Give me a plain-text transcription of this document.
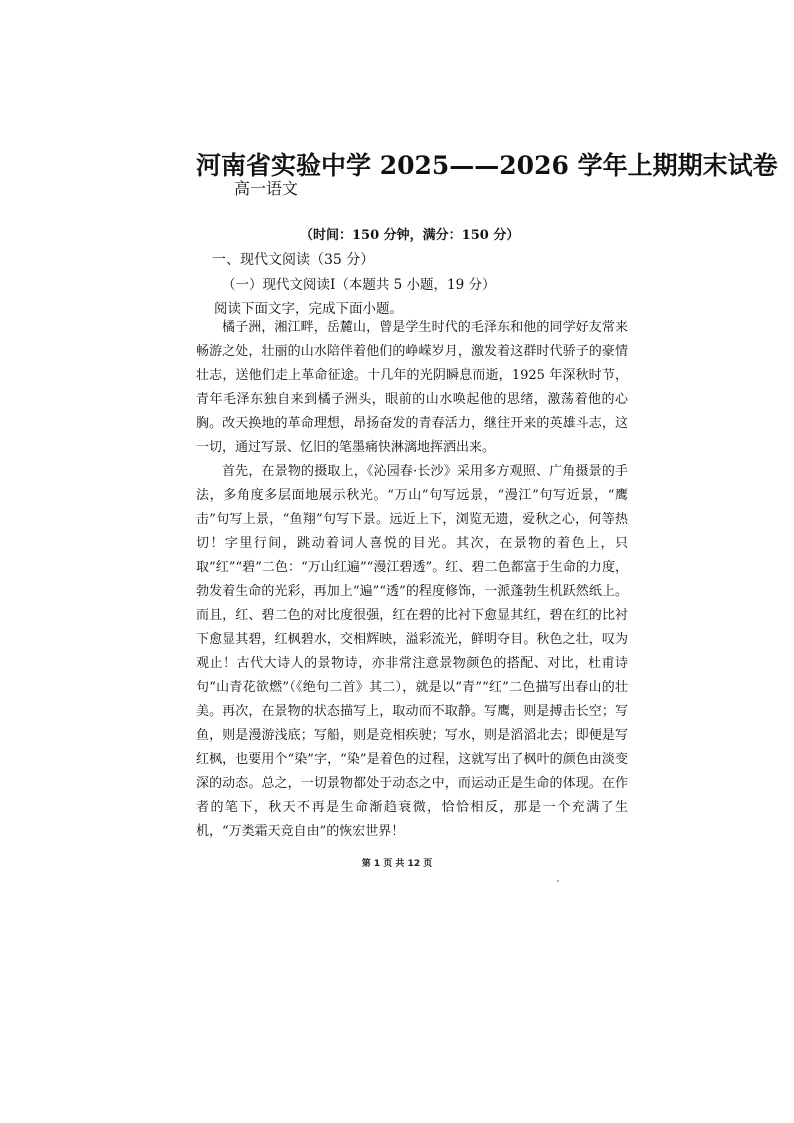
河南省实验中学 2025——2026 学年上期期末试卷
高一语文
（时间：150 分钟，满分：150 分）
一、现代文阅读（35 分）
（一）现代文阅读Ⅰ（本题共 5 小题，19 分）
阅读下面文字，完成下面小题。

橘子洲，湘江畔，岳麓山，曾是学生时代的毛泽东和他的同学好友常来畅游之处，壮丽的山水陪伴着他们的峥嵘岁月，激发着这群时代骄子的豪情壮志，送他们走上革命征途。十几年的光阴瞬息而逝，1925 年深秋时节，青年毛泽东独自来到橘子洲头，眼前的山水唤起他的思绪，激荡着他的心胸。改天换地的革命理想，昂扬奋发的青春活力，继往开来的英雄斗志，这一切，通过写景、忆旧的笔墨痛快淋漓地挥洒出来。

首先，在景物的摄取上，《沁园春·长沙》采用多方观照、广角摄景的手法，多角度多层面地展示秋光。“万山”句写远景，“漫江”句写近景，“鹰击”句写上景，“鱼翔”句写下景。远近上下，浏览无遗，爱秋之心，何等热切！字里行间，跳动着词人喜悦的目光。其次，在景物的着色上，只取“红”“碧”二色：“万山红遍”“漫江碧透”。红、碧二色都富于生命的力度，勃发着生命的光彩，再加上“遍”“透”的程度修饰，一派蓬勃生机跃然纸上。而且，红、碧二色的对比度很强，红在碧的比衬下愈显其红，碧在红的比衬下愈显其碧，红枫碧水，交相辉映，溢彩流光，鲜明夺目。秋色之壮，叹为观止！古代大诗人的景物诗，亦非常注意景物颜色的搭配、对比，杜甫诗句“山青花欲燃”（《绝句二首》其二），就是以“青”“红”二色描写出春山的壮美。再次，在景物的状态描写上，取动而不取静。写鹰，则是搏击长空；写鱼，则是漫游浅底；写船，则是竞相疾驶；写水，则是滔滔北去；即便是写红枫，也要用个“染”字，“染”是着色的过程，这就写出了枫叶的颜色由淡变深的动态。总之，一切景物都处于动态之中，而运动正是生命的体现。在作者的笔下，秋天不再是生命渐趋衰微，恰恰相反，那是一个充满了生机，“万类霜天竞自由”的恢宏世界！

第 1 页 共 12 页
